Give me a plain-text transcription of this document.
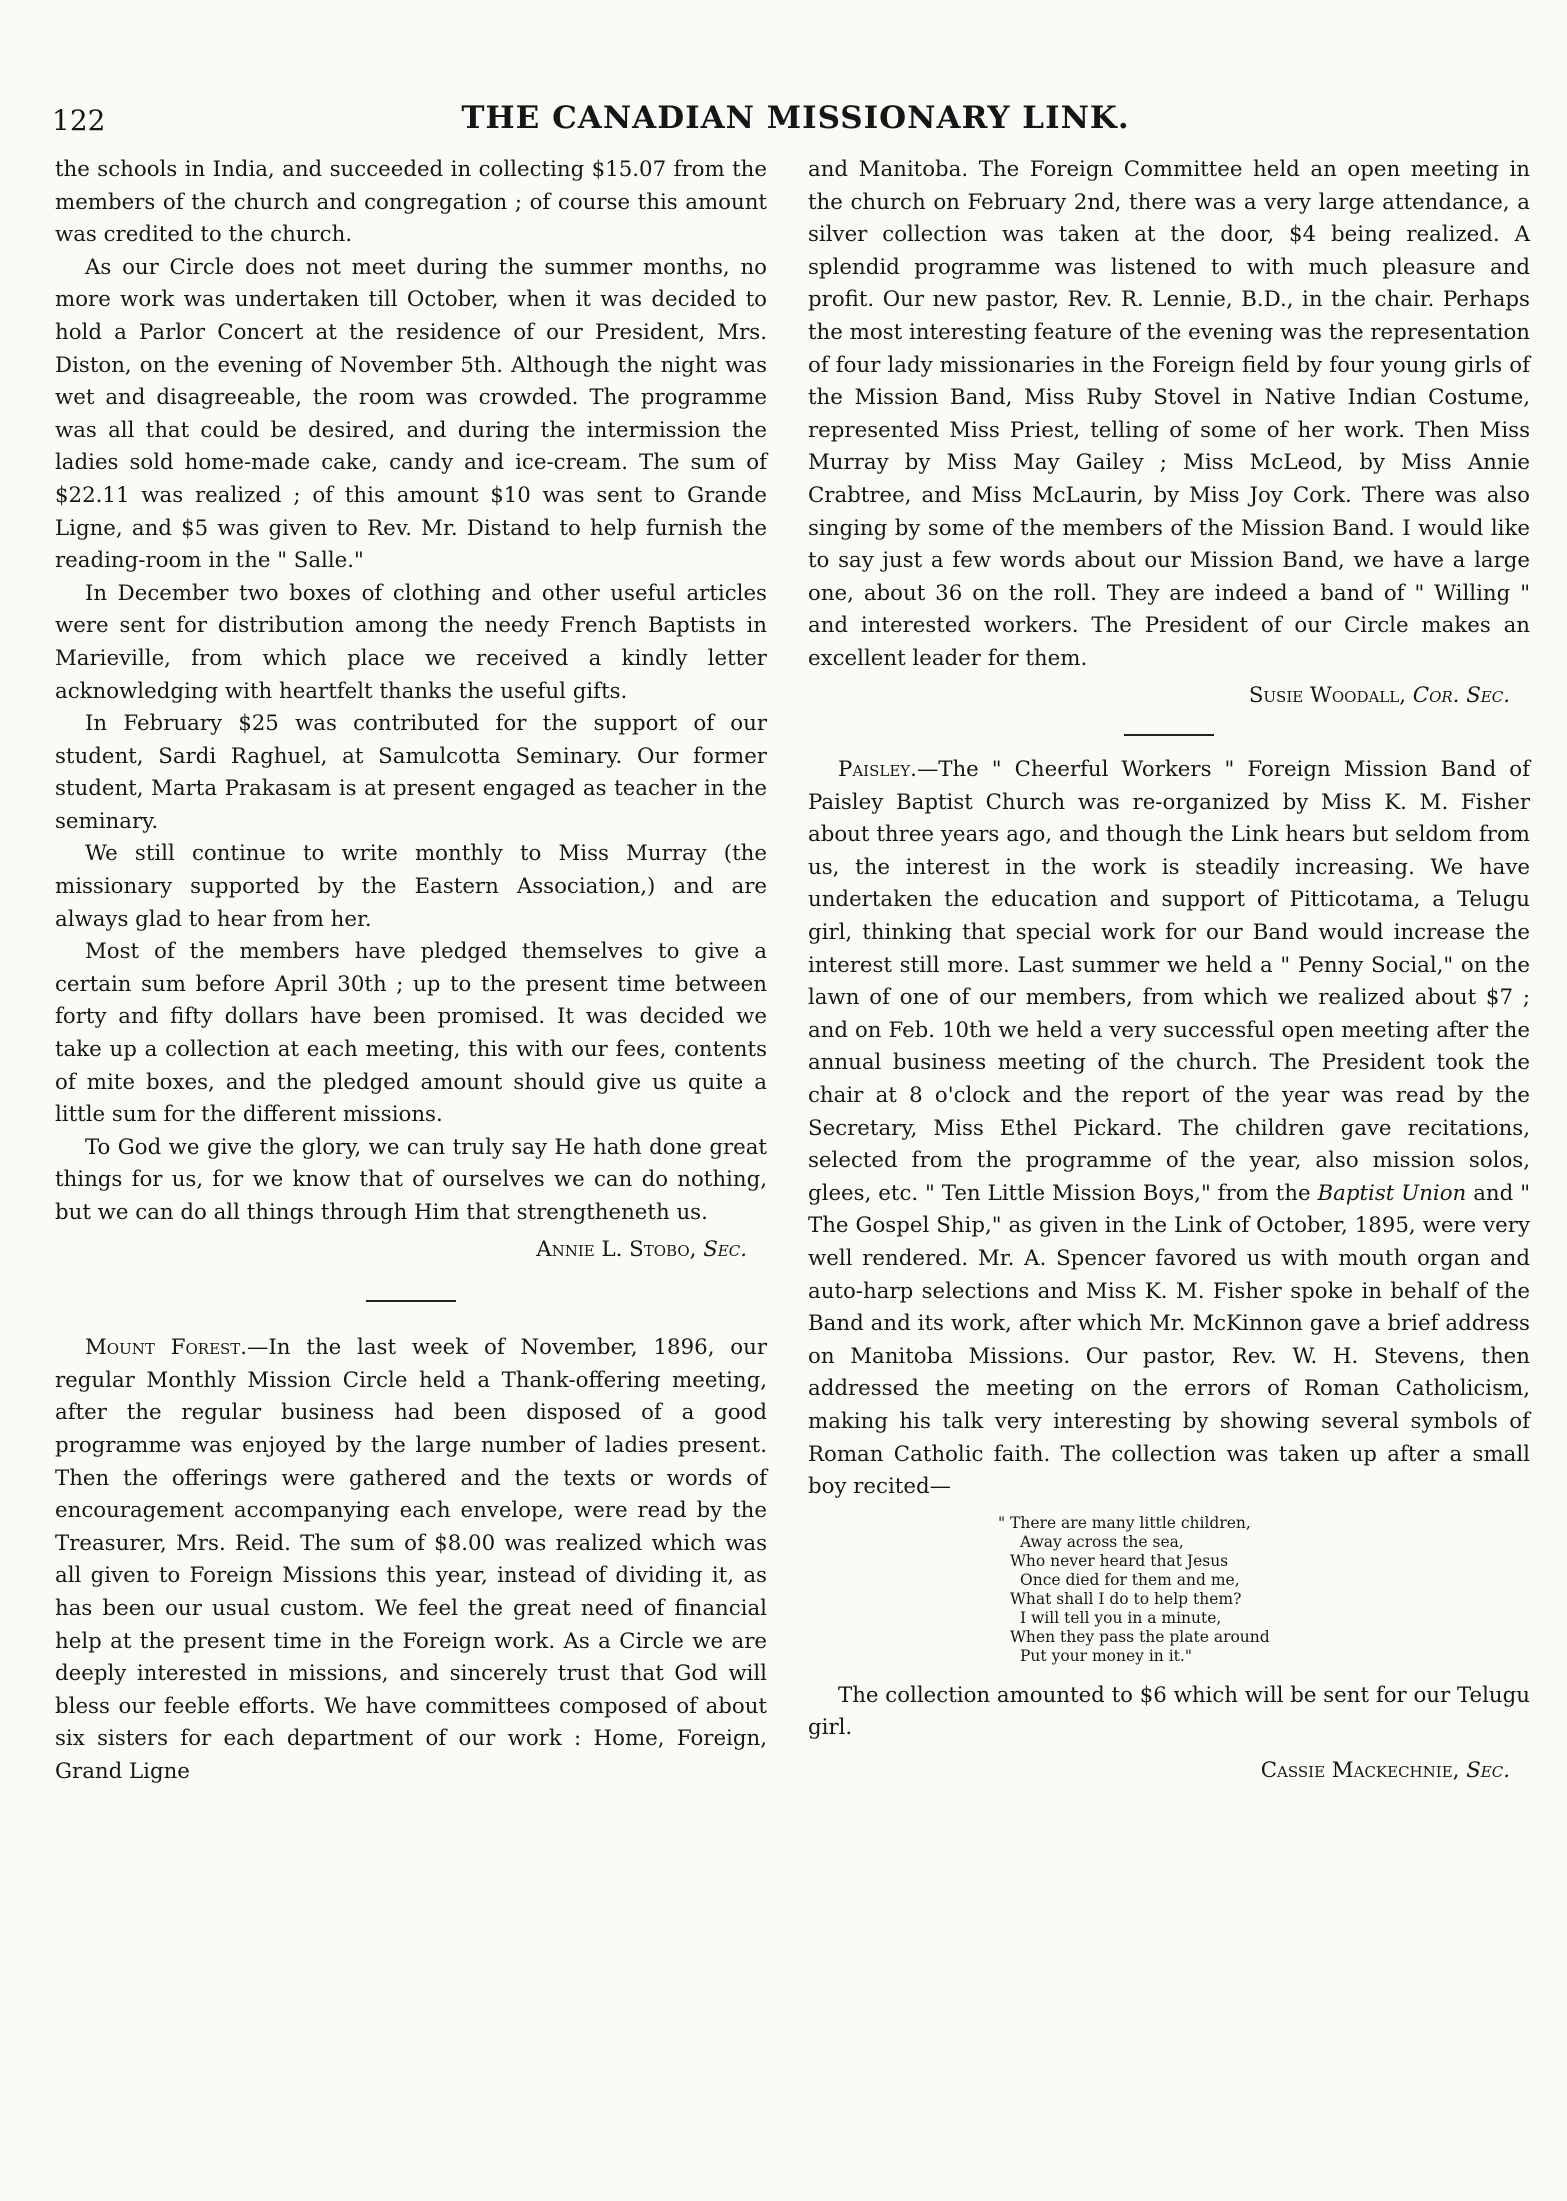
122	THE CANADIAN MISSIONARY LINK.

the schools in India, and succeeded in collecting $15.07 from the members of the church and congregation ; of course this amount was credited to the church.

As our Circle does not meet during the summer months, no more work was undertaken till October, when it was decided to hold a Parlor Concert at the residence of our President, Mrs. Diston, on the evening of November 5th. Although the night was wet and disagreeable, the room was crowded. The programme was all that could be desired, and during the intermission the ladies sold home-made cake, candy and ice-cream. The sum of $22.11 was realized ; of this amount $10 was sent to Grande Ligne, and $5 was given to Rev. Mr. Distand to help furnish the reading-room in the " Salle."

In December two boxes of clothing and other useful articles were sent for distribution among the needy French Baptists in Marieville, from which place we received a kindly letter acknowledging with heartfelt thanks the useful gifts.

In February $25 was contributed for the support of our student, Sardi Raghuel, at Samulcotta Seminary. Our former student, Marta Prakasam is at present engaged as teacher in the seminary.

We still continue to write monthly to Miss Murray (the missionary supported by the Eastern Association,) and are always glad to hear from her.

Most of the members have pledged themselves to give a certain sum before April 30th ; up to the present time between forty and fifty dollars have been promised. It was decided we take up a collection at each meeting, this with our fees, contents of mite boxes, and the pledged amount should give us quite a little sum for the different missions.

To God we give the glory, we can truly say He hath done great things for us, for we know that of ourselves we can do nothing, but we can do all things through Him that strengtheneth us.

Annie L. Stobo, Sec.

Mount Forest.—In the last week of November, 1896, our regular Monthly Mission Circle held a Thank-offering meeting, after the regular business had been disposed of a good programme was enjoyed by the large number of ladies present. Then the offerings were gathered and the texts or words of encouragement accompanying each envelope, were read by the Treasurer, Mrs. Reid. The sum of $8.00 was realized which was all given to Foreign Missions this year, instead of dividing it, as has been our usual custom. We feel the great need of financial help at the present time in the Foreign work. As a Circle we are deeply interested in missions, and sincerely trust that God will bless our feeble efforts. We have committees composed of about six sisters for each department of our work : Home, Foreign, Grand Ligne

and Manitoba. The Foreign Committee held an open meeting in the church on February 2nd, there was a very large attendance, a silver collection was taken at the door, $4 being realized. A splendid programme was listened to with much pleasure and profit. Our new pastor, Rev. R. Lennie, B.D., in the chair. Perhaps the most interesting feature of the evening was the representation of four lady missionaries in the Foreign field by four young girls of the Mission Band, Miss Ruby Stovel in Native Indian Costume, represented Miss Priest, telling of some of her work. Then Miss Murray by Miss May Gailey ; Miss McLeod, by Miss Annie Crabtree, and Miss McLaurin, by Miss Joy Cork. There was also singing by some of the members of the Mission Band. I would like to say just a few words about our Mission Band, we have a large one, about 36 on the roll. They are indeed a band of " Willing " and interested workers. The President of our Circle makes an excellent leader for them.

Susie Woodall, Cor. Sec.

Paisley.—The " Cheerful Workers " Foreign Mission Band of Paisley Baptist Church was re-organized by Miss K. M. Fisher about three years ago, and though the Link hears but seldom from us, the interest in the work is steadily increasing. We have undertaken the education and support of Pitticotama, a Telugu girl, thinking that special work for our Band would increase the interest still more. Last summer we held a " Penny Social," on the lawn of one of our members, from which we realized about $7 ; and on Feb. 10th we held a very successful open meeting after the annual business meeting of the church. The President took the chair at 8 o'clock and the report of the year was read by the Secretary, Miss Ethel Pickard. The children gave recitations, selected from the programme of the year, also mission solos, glees, etc. " Ten Little Mission Boys," from the Baptist Union and " The Gospel Ship," as given in the Link of October, 1895, were very well rendered. Mr. A. Spencer favored us with mouth organ and auto-harp selections and Miss K. M. Fisher spoke in behalf of the Band and its work, after which Mr. McKinnon gave a brief address on Manitoba Missions. Our pastor, Rev. W. H. Stevens, then addressed the meeting on the errors of Roman Catholicism, making his talk very interesting by showing several symbols of Roman Catholic faith. The collection was taken up after a small boy recited—

" There are many little children,
Away across the sea,
Who never heard that Jesus
Once died for them and me,
What shall I do to help them?
I will tell you in a minute,
When they pass the plate around
Put your money in it."

The collection amounted to $6 which will be sent for our Telugu girl.

Cassie Mackechnie, Sec.
